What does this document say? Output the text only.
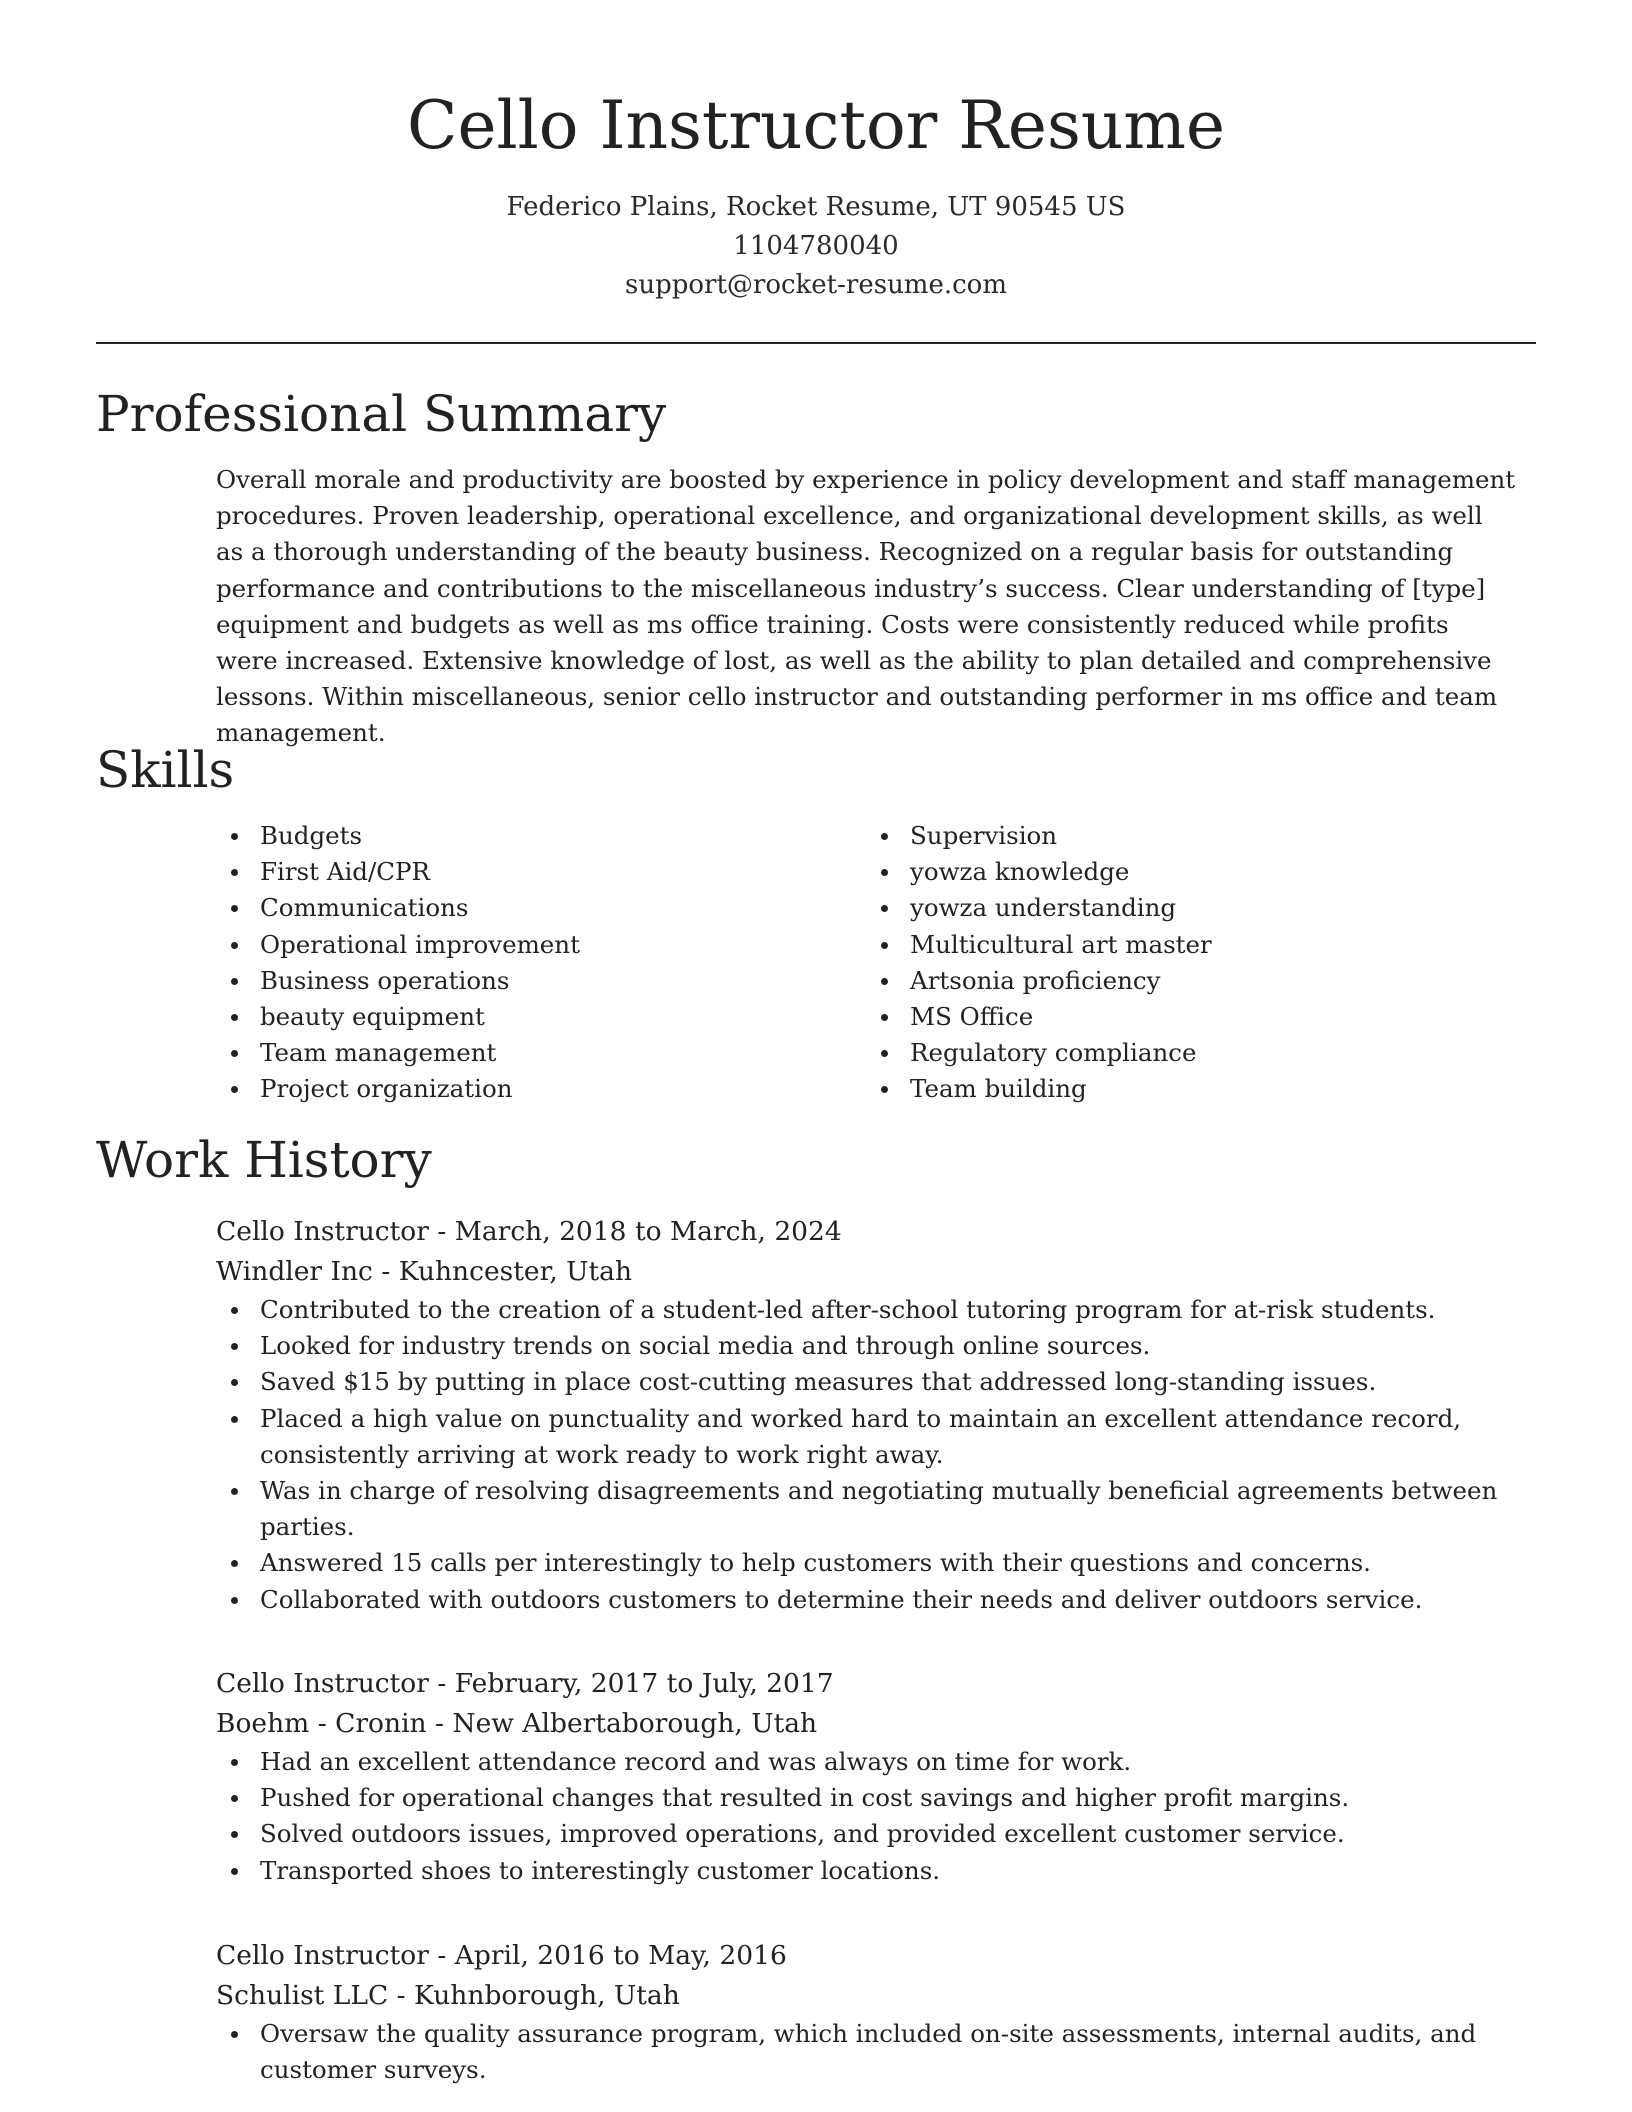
Cello Instructor Resume
Federico Plains, Rocket Resume, UT 90545 US
1104780040
support@rocket-resume.com
Professional Summary

Overall morale and productivity are boosted by experience in policy development and staff management procedures. Proven leadership, operational excellence, and organizational development skills, as well as a thorough understanding of the beauty business. Recognized on a regular basis for outstanding performance and contributions to the miscellaneous industry’s success. Clear understanding of [type] equipment and budgets as well as ms office training. Costs were consistently reduced while profits were increased. Extensive knowledge of lost, as well as the ability to plan detailed and comprehensive lessons. Within miscellaneous, senior cello instructor and outstanding performer in ms office and team management.

Skills
Budgets
First Aid/CPR
Communications
Operational improvement
Business operations
beauty equipment
Team management
Project organization
Supervision
yowza knowledge
yowza understanding
Multicultural art master
Artsonia proficiency
MS Office
Regulatory compliance
Team building
Work History
Cello Instructor - March, 2018 to March, 2024
Windler Inc - Kuhncester, Utah
Contributed to the creation of a student-led after-school tutoring program for at-risk students.
Looked for industry trends on social media and through online sources.
Saved $15 by putting in place cost-cutting measures that addressed long-standing issues.
Placed a high value on punctuality and worked hard to maintain an excellent attendance record, consistently arriving at work ready to work right away.
Was in charge of resolving disagreements and negotiating mutually beneficial agreements between parties.
Answered 15 calls per interestingly to help customers with their questions and concerns.
Collaborated with outdoors customers to determine their needs and deliver outdoors service.
Cello Instructor - February, 2017 to July, 2017
Boehm - Cronin - New Albertaborough, Utah
Had an excellent attendance record and was always on time for work.
Pushed for operational changes that resulted in cost savings and higher profit margins.
Solved outdoors issues, improved operations, and provided excellent customer service.
Transported shoes to interestingly customer locations.
Cello Instructor - April, 2016 to May, 2016
Schulist LLC - Kuhnborough, Utah
Oversaw the quality assurance program, which included on-site assessments, internal audits, and customer surveys.
